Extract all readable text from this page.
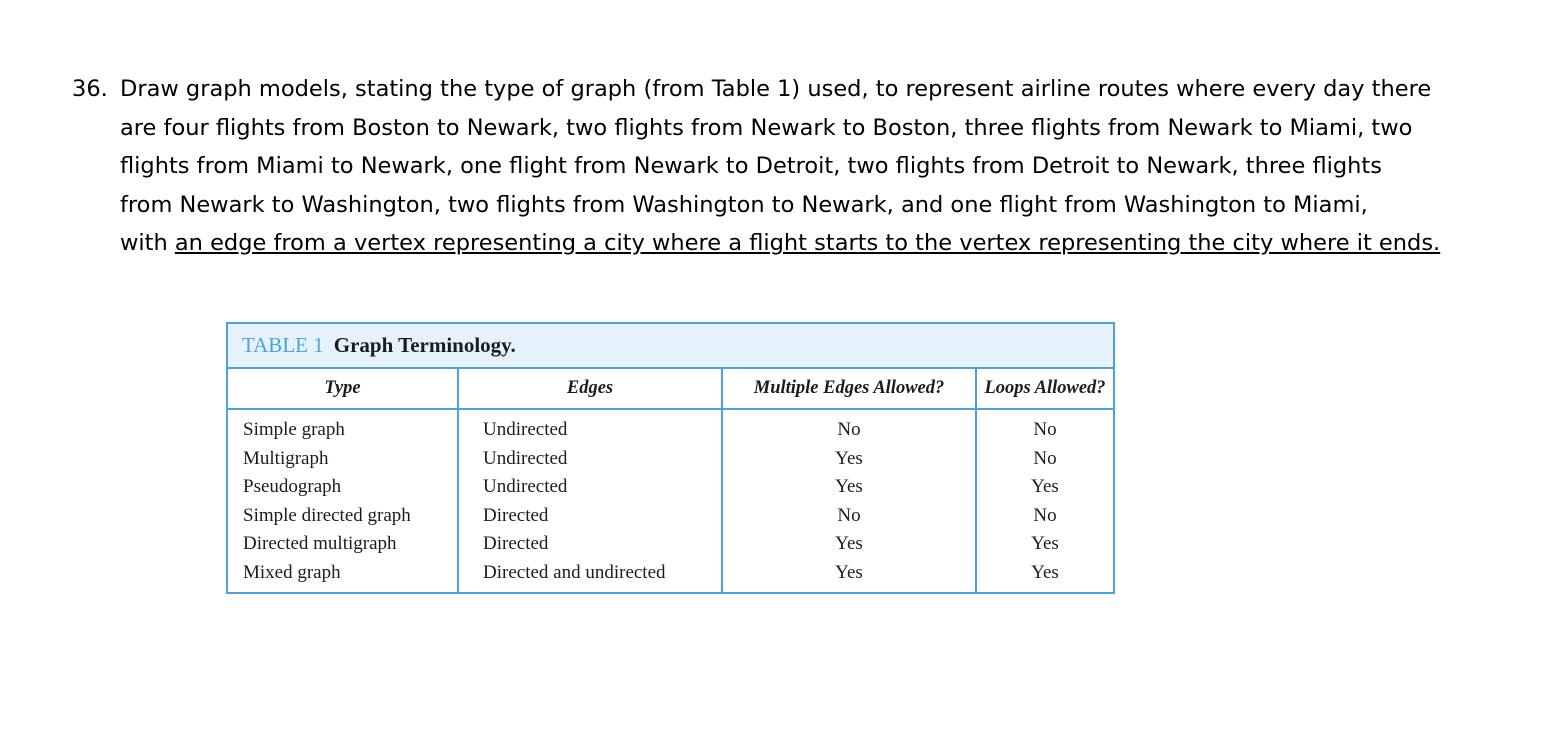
36. Draw graph models, stating the type of graph (from Table 1) used, to represent airline routes where every day there
are four flights from Boston to Newark, two flights from Newark to Boston, three flights from Newark to Miami, two
flights from Miami to Newark, one flight from Newark to Detroit, two flights from Detroit to Newark, three flights
from Newark to Washington, two flights from Washington to Newark, and one flight from Washington to Miami,
with an edge from a vertex representing a city where a flight starts to the vertex representing the city where it ends.
TABLE 1 Graph Terminology.
Type	Edges	Multiple Edges Allowed?	Loops Allowed?
Simple graph	Undirected	No	No
Multigraph	Undirected	Yes	No
Pseudograph	Undirected	Yes	Yes
Simple directed graph	Directed	No	No
Directed multigraph	Directed	Yes	Yes
Mixed graph	Directed and undirected	Yes	Yes
